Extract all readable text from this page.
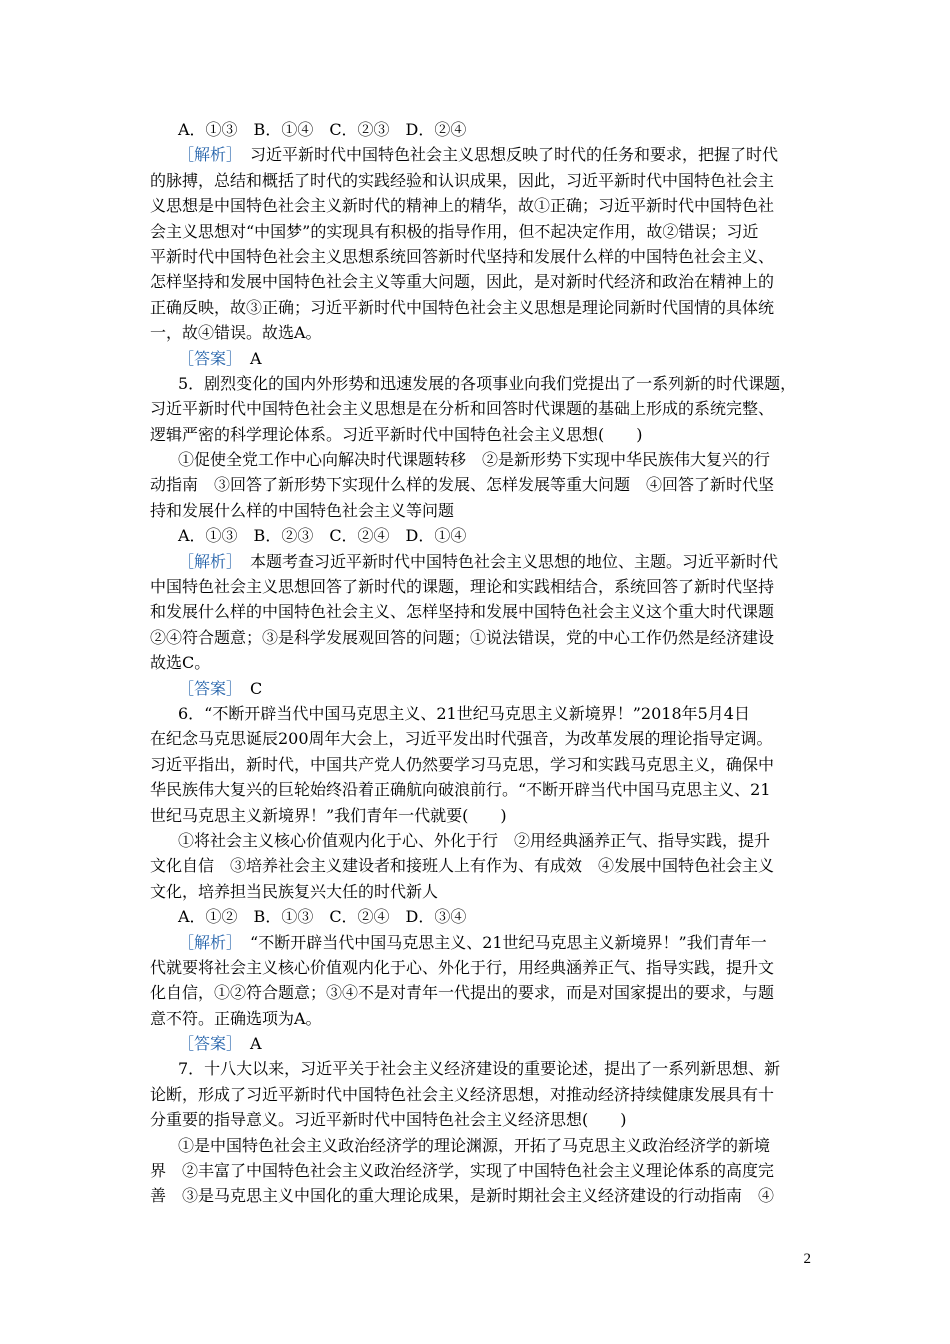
A．①③　B．①④　C．②③　D．②④
［解析］　习近平新时代中国特色社会主义思想反映了时代的任务和要求，把握了时代
的脉搏，总结和概括了时代的实践经验和认识成果，因此，习近平新时代中国特色社会主
义思想是中国特色社会主义新时代的精神上的精华，故①正确；习近平新时代中国特色社
会主义思想对“中国梦”的实现具有积极的指导作用，但不起决定作用，故②错误；习近
平新时代中国特色社会主义思想系统回答新时代坚持和发展什么样的中国特色社会主义、
怎样坚持和发展中国特色社会主义等重大问题，因此，是对新时代经济和政治在精神上的
正确反映，故③正确；习近平新时代中国特色社会主义思想是理论同新时代国情的具体统
一，故④错误。故选A。
［答案］　A
5．剧烈变化的国内外形势和迅速发展的各项事业向我们党提出了一系列新的时代课题，
习近平新时代中国特色社会主义思想是在分析和回答时代课题的基础上形成的系统完整、
逻辑严密的科学理论体系。习近平新时代中国特色社会主义思想(　　)
①促使全党工作中心向解决时代课题转移　②是新形势下实现中华民族伟大复兴的行
动指南　③回答了新形势下实现什么样的发展、怎样发展等重大问题　④回答了新时代坚
持和发展什么样的中国特色社会主义等问题
A．①③　B．②③　C．②④　D．①④
［解析］　本题考查习近平新时代中国特色社会主义思想的地位、主题。习近平新时代
中国特色社会主义思想回答了新时代的课题，理论和实践相结合，系统回答了新时代坚持
和发展什么样的中国特色社会主义、怎样坚持和发展中国特色社会主义这个重大时代课题
②④符合题意；③是科学发展观回答的问题；①说法错误，党的中心工作仍然是经济建设
故选C。
［答案］　C
6．“不断开辟当代中国马克思主义、21世纪马克思主义新境界！”2018年5月4日
在纪念马克思诞辰200周年大会上，习近平发出时代强音，为改革发展的理论指导定调。
习近平指出，新时代，中国共产党人仍然要学习马克思，学习和实践马克思主义，确保中
华民族伟大复兴的巨轮始终沿着正确航向破浪前行。“不断开辟当代中国马克思主义、21
世纪马克思主义新境界！”我们青年一代就要(　　)
①将社会主义核心价值观内化于心、外化于行　②用经典涵养正气、指导实践，提升
文化自信　③培养社会主义建设者和接班人上有作为、有成效　④发展中国特色社会主义
文化，培养担当民族复兴大任的时代新人
A．①②　B．①③　C．②④　D．③④
［解析］　“不断开辟当代中国马克思主义、21世纪马克思主义新境界！”我们青年一
代就要将社会主义核心价值观内化于心、外化于行，用经典涵养正气、指导实践，提升文
化自信，①②符合题意；③④不是对青年一代提出的要求，而是对国家提出的要求，与题
意不符。正确选项为A。
［答案］　A
7．十八大以来，习近平关于社会主义经济建设的重要论述，提出了一系列新思想、新
论断，形成了习近平新时代中国特色社会主义经济思想，对推动经济持续健康发展具有十
分重要的指导意义。习近平新时代中国特色社会主义经济思想(　　)
①是中国特色社会主义政治经济学的理论渊源，开拓了马克思主义政治经济学的新境
界　②丰富了中国特色社会主义政治经济学，实现了中国特色社会主义理论体系的高度完
善　③是马克思主义中国化的重大理论成果，是新时期社会主义经济建设的行动指南　④
2
